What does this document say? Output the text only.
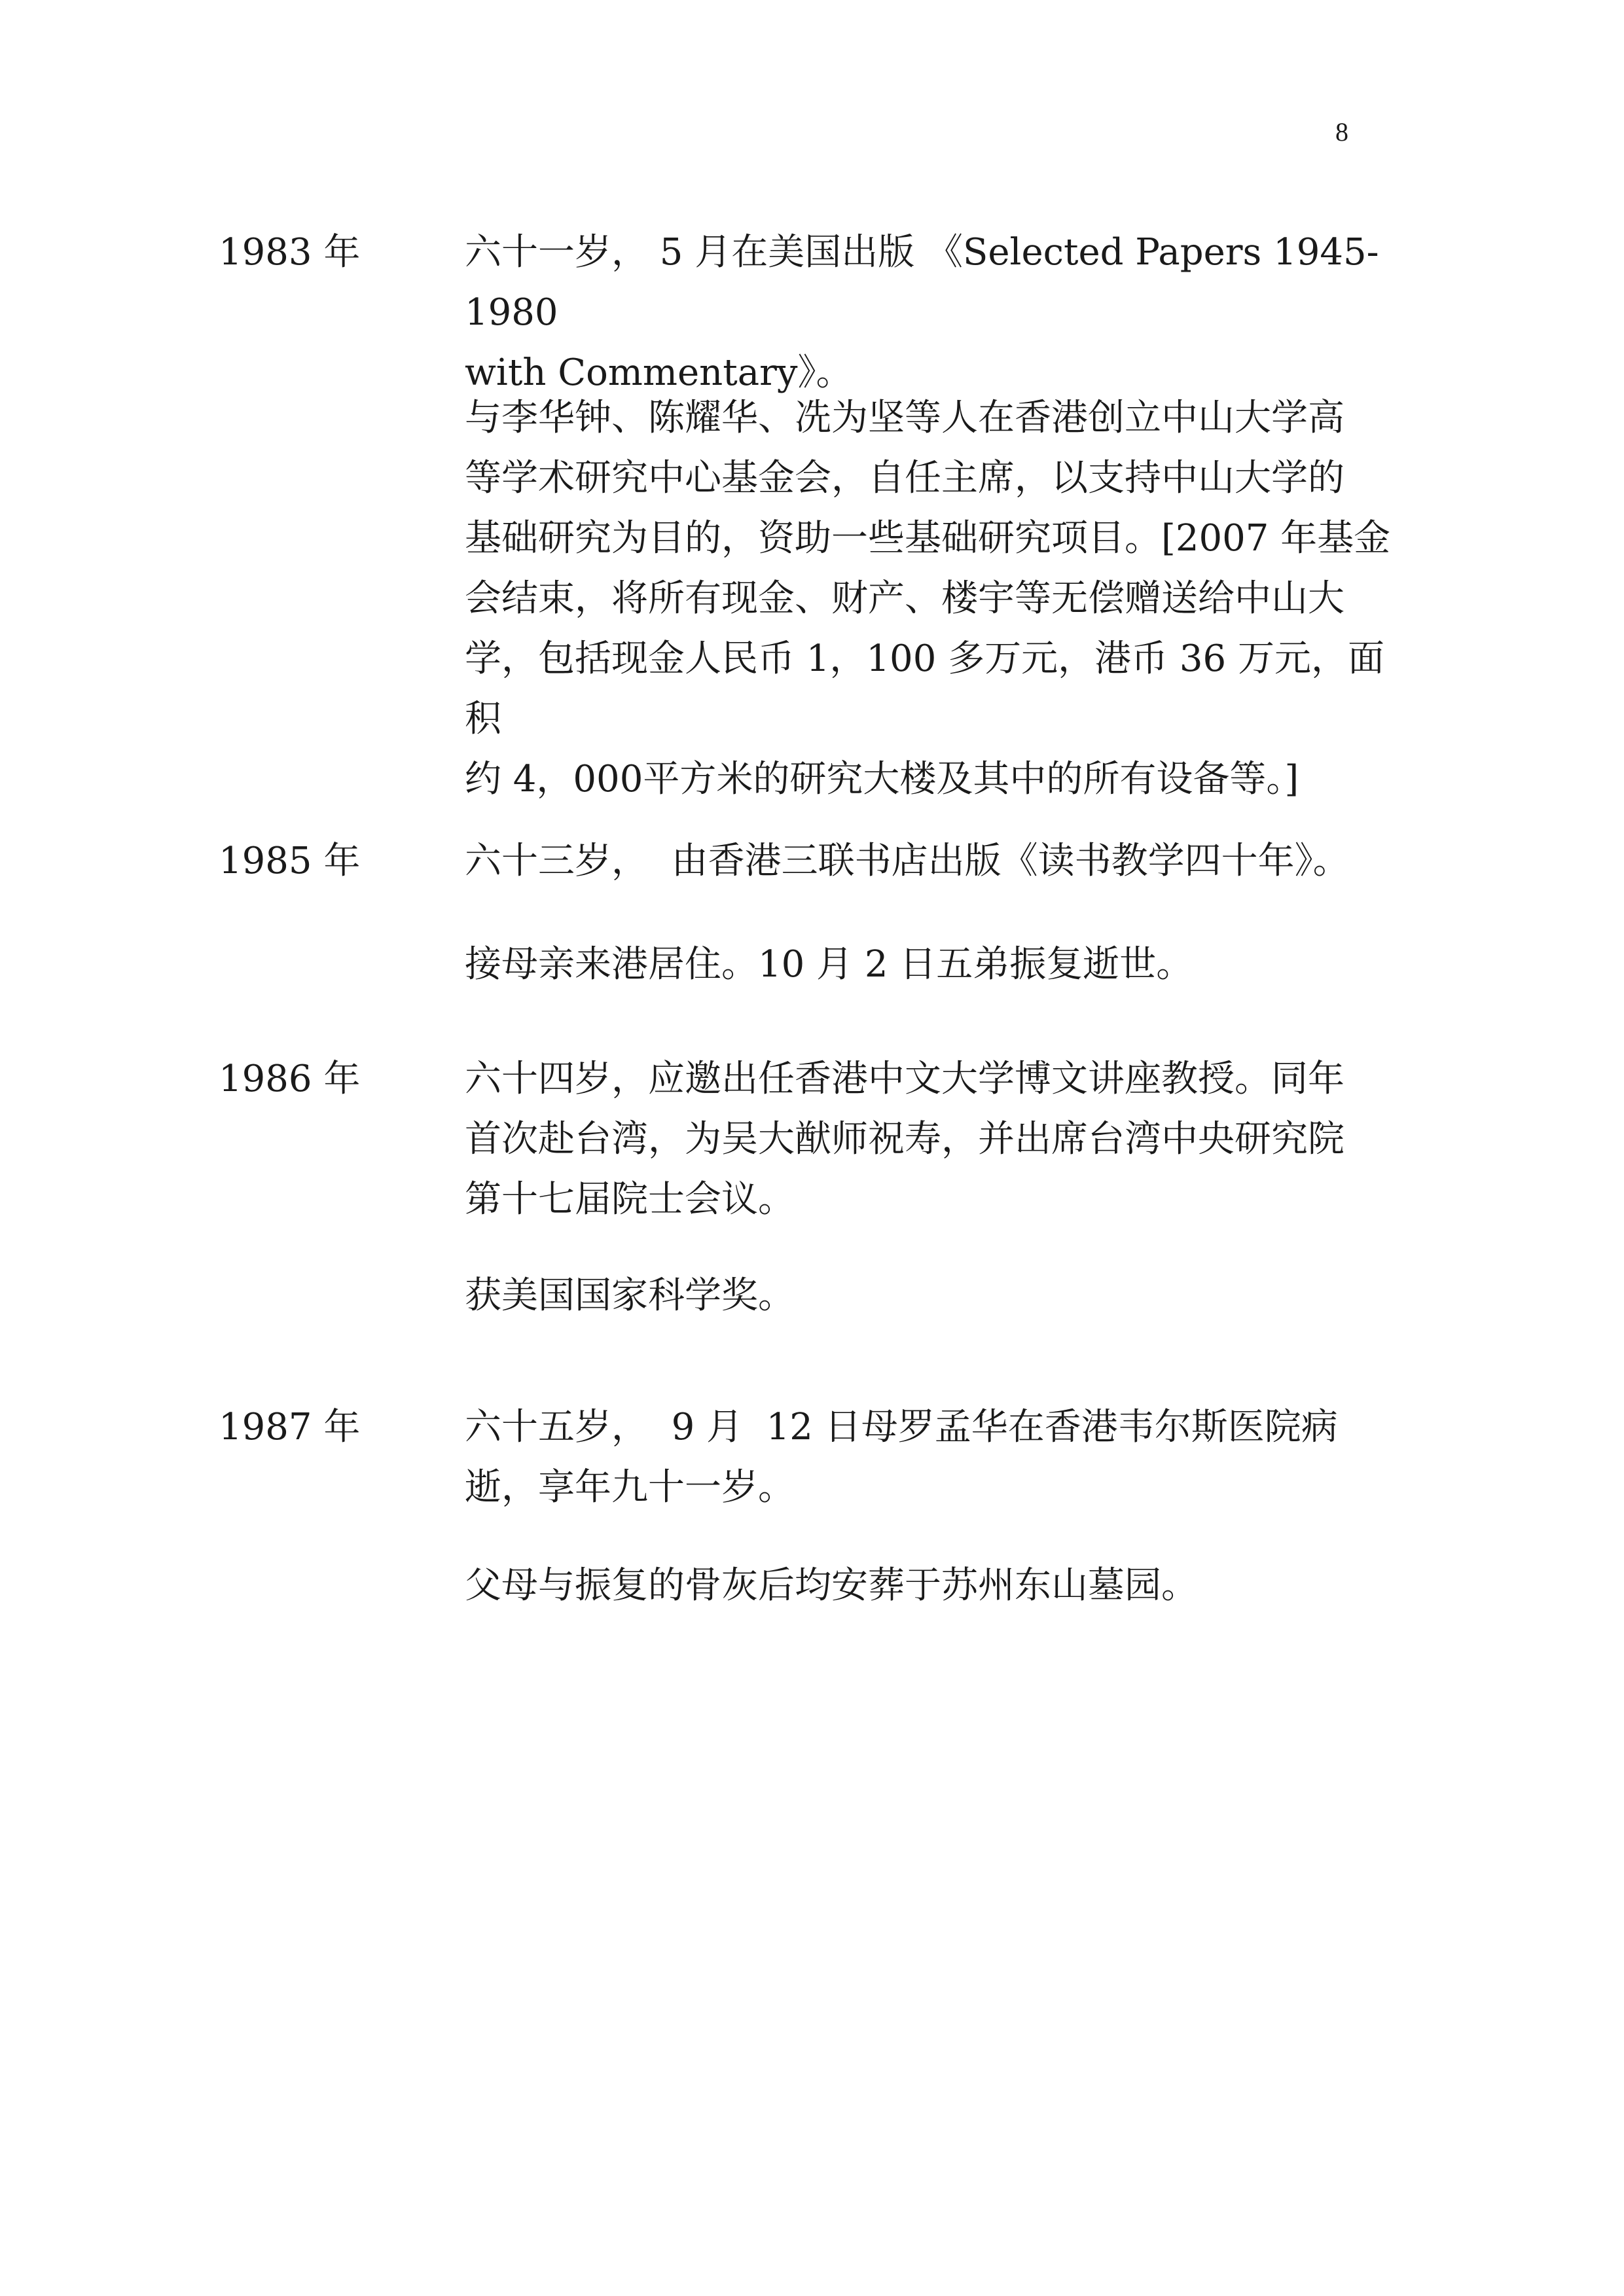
8
1983 年	六十一岁， 5 月在美国出版 《Selected Papers 1945-1980
with Commentary》。
与李华钟、陈耀华、冼为坚等人在香港创立中山大学高
等学术研究中心基金会，自任主席，以支持中山大学的
基础研究为目的，资助一些基础研究项目。[2007 年基金
会结束，将所有现金、财产、楼宇等无偿赠送给中山大
学，包括现金人民币 1，100 多万元，港币 36 万元，面积
约 4，000平方米的研究大楼及其中的所有设备等。]
1985 年	六十三岁，  由香港三联书店出版《读书教学四十年》。
接母亲来港居住。10 月 2 日五弟振复逝世。
1986 年	六十四岁，应邀出任香港中文大学博文讲座教授。同年
首次赴台湾，为吴大猷师祝寿，并出席台湾中央研究院
第十七届院士会议。
获美国国家科学奖。
1987 年	六十五岁，  9 月  12 日母罗孟华在香港韦尔斯医院病
逝，享年九十一岁。
父母与振复的骨灰后均安葬于苏州东山墓园。
